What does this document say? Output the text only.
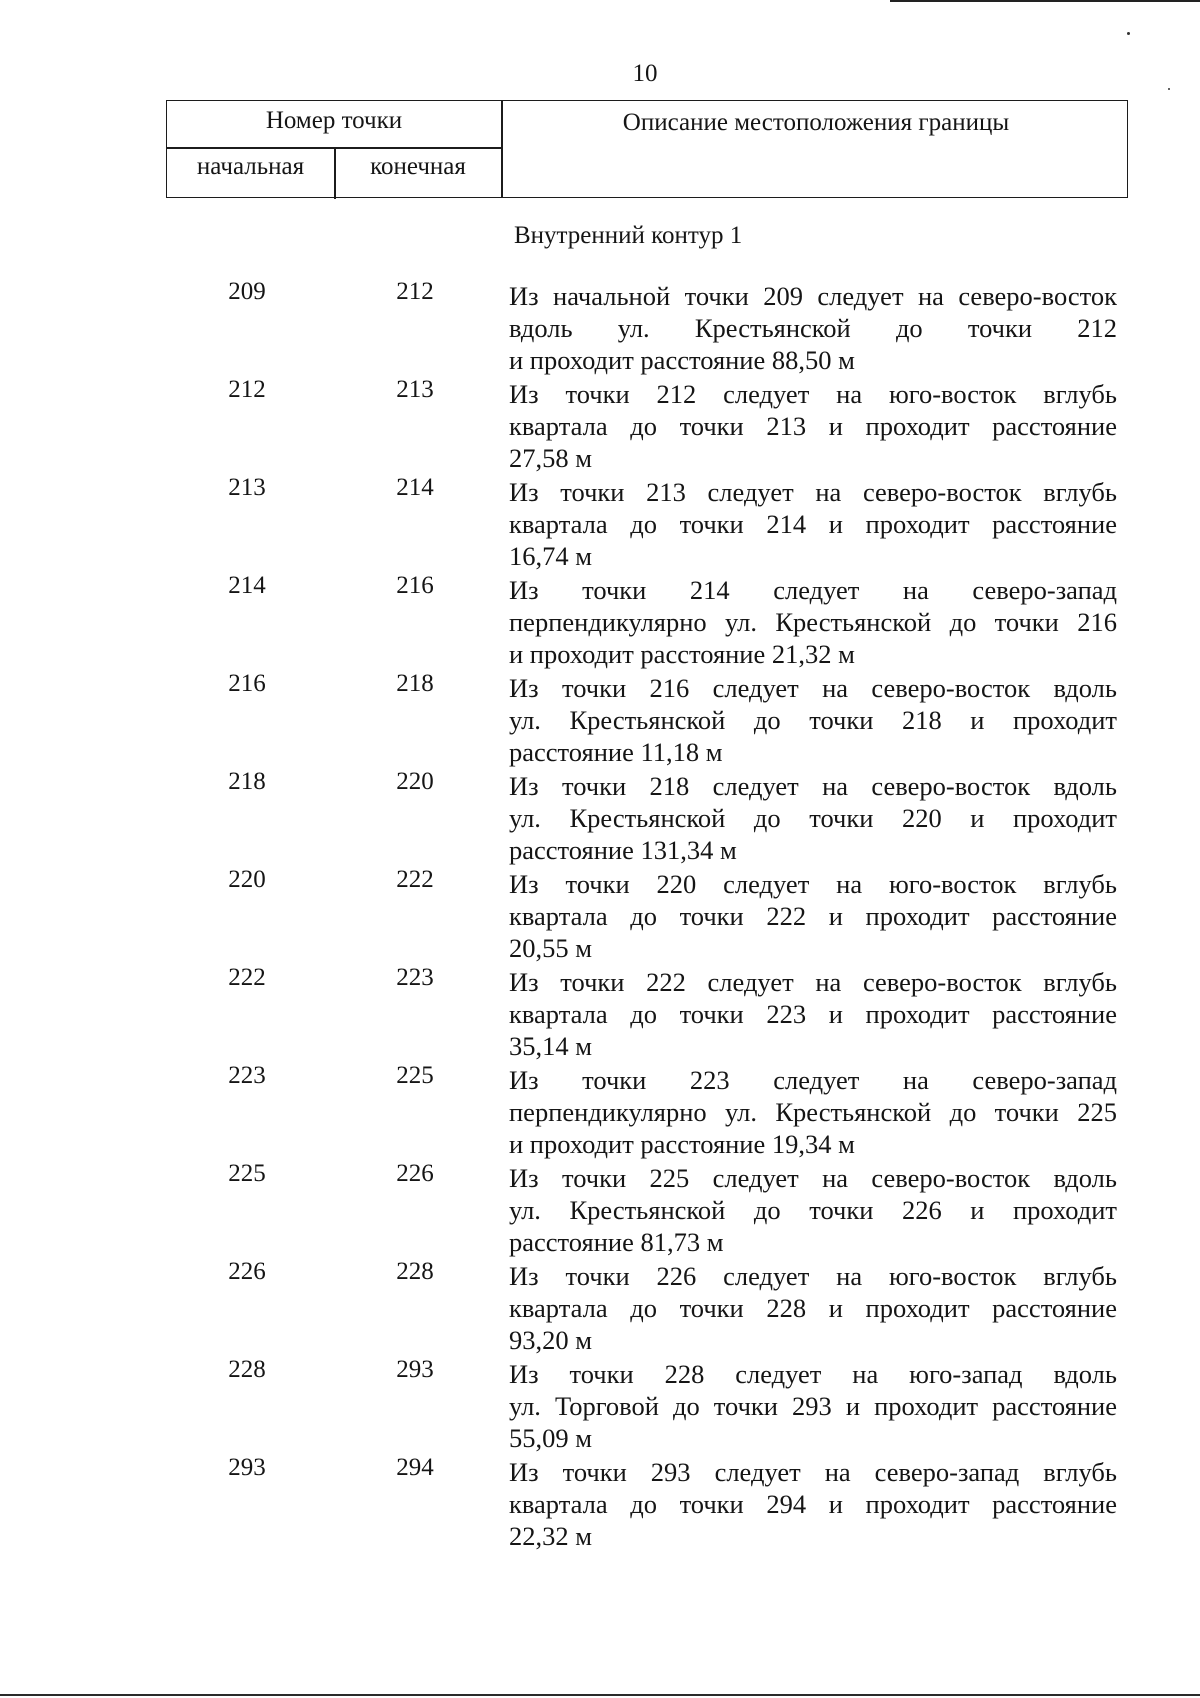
10
Номер точки
начальная	конечная
Описание местоположения границы
Внутренний контур 1
209	212	Из начальной точки 209 следует на северо-восток
вдоль ул. Крестьянской до точки 212
и проходит расстояние 88,50 м
212	213	Из точки 212 следует на юго-восток вглубь
квартала до точки 213 и проходит расстояние
27,58 м
213	214	Из точки 213 следует на северо-восток вглубь
квартала до точки 214 и проходит расстояние
16,74 м
214	216	Из точки 214 следует на северо-запад
перпендикулярно ул. Крестьянской до точки 216
и проходит расстояние 21,32 м
216	218	Из точки 216 следует на северо-восток вдоль
ул. Крестьянской до точки 218 и проходит
расстояние 11,18 м
218	220	Из точки 218 следует на северо-восток вдоль
ул. Крестьянской до точки 220 и проходит
расстояние 131,34 м
220	222	Из точки 220 следует на юго-восток вглубь
квартала до точки 222 и проходит расстояние
20,55 м
222	223	Из точки 222 следует на северо-восток вглубь
квартала до точки 223 и проходит расстояние
35,14 м
223	225	Из точки 223 следует на северо-запад
перпендикулярно ул. Крестьянской до точки 225
и проходит расстояние 19,34 м
225	226	Из точки 225 следует на северо-восток вдоль
ул. Крестьянской до точки 226 и проходит
расстояние 81,73 м
226	228	Из точки 226 следует на юго-восток вглубь
квартала до точки 228 и проходит расстояние
93,20 м
228	293	Из точки 228 следует на юго-запад вдоль
ул. Торговой до точки 293 и проходит расстояние
55,09 м
293	294	Из точки 293 следует на северо-запад вглубь
квартала до точки 294 и проходит расстояние
22,32 м
